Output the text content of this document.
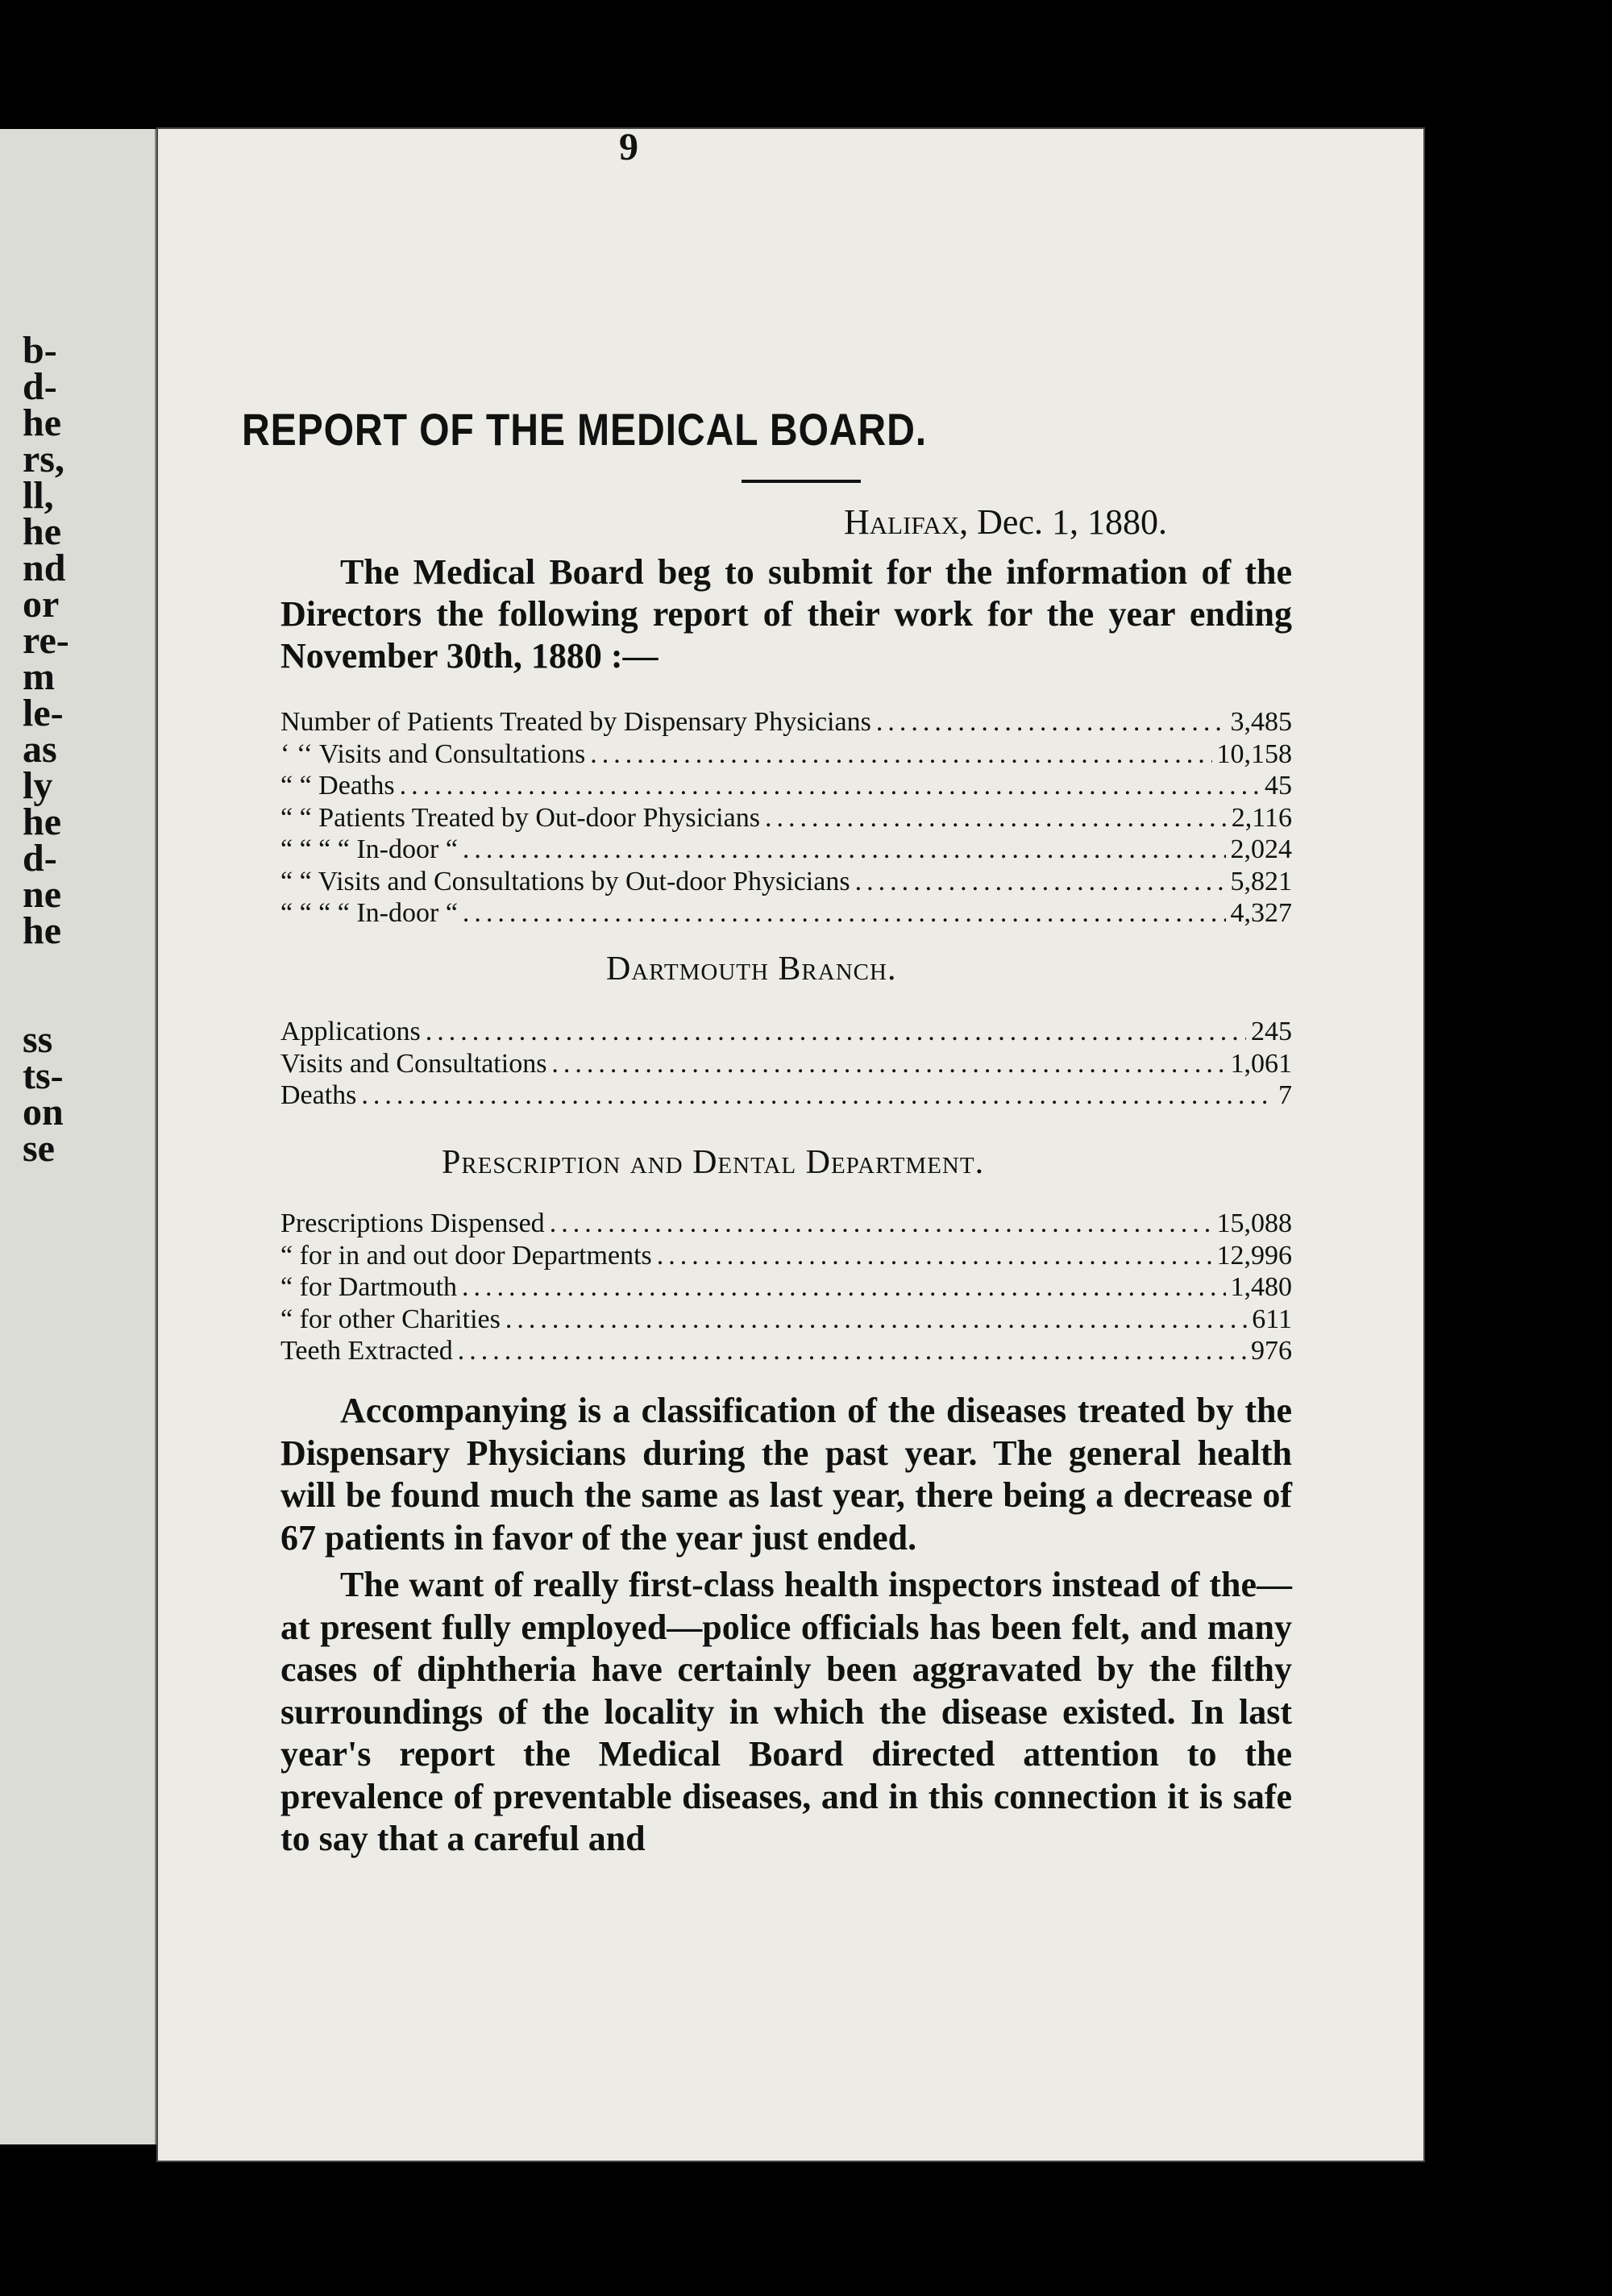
b-
d-
he
rs,
ll,
he
nd
or
re-
m
le-
as
ly
he
d-
ne
he
ss
ts-
on
se
9
REPORT OF THE MEDICAL BOARD.
Halifax, Dec. 1, 1880.

The Medical Board beg to submit for the information of the Directors the following report of their work for the year ending November 30th, 1880 :—

Number of Patients Treated by Dispensary Physicians .....	3,485
‘ ‘‘ Visits and Consultations .....	10,158
“ “ Deaths .....	45
“ “ Patients Treated by Out-door Physicians .....	2,116
“ “ “ “ In-door “ .....	2,024
“ “ Visits and Consultations by Out-door Physicians .....	5,821
“ “ “ “ In-door “ .....	4,327
Dartmouth Branch.
Applications .....	245
Visits and Consultations .....	1,061
Deaths .....	7
Prescription and Dental Department.
Prescriptions Dispensed .....	15,088
“ for in and out door Departments .....	12,996
“ for Dartmouth .....	1,480
“ for other Charities .....	611
Teeth Extracted .....	976

Accompanying is a classification of the diseases treated by the Dispensary Physicians during the past year. The general health will be found much the same as last year, there being a decrease of 67 patients in favor of the year just ended.

The want of really first-class health inspectors instead of the—at present fully employed—police officials has been felt, and many cases of diphtheria have certainly been aggravated by the filthy surroundings of the locality in which the disease existed. In last year's report the Medical Board directed attention to the prevalence of preventable diseases, and in this connection it is safe to say that a careful and
